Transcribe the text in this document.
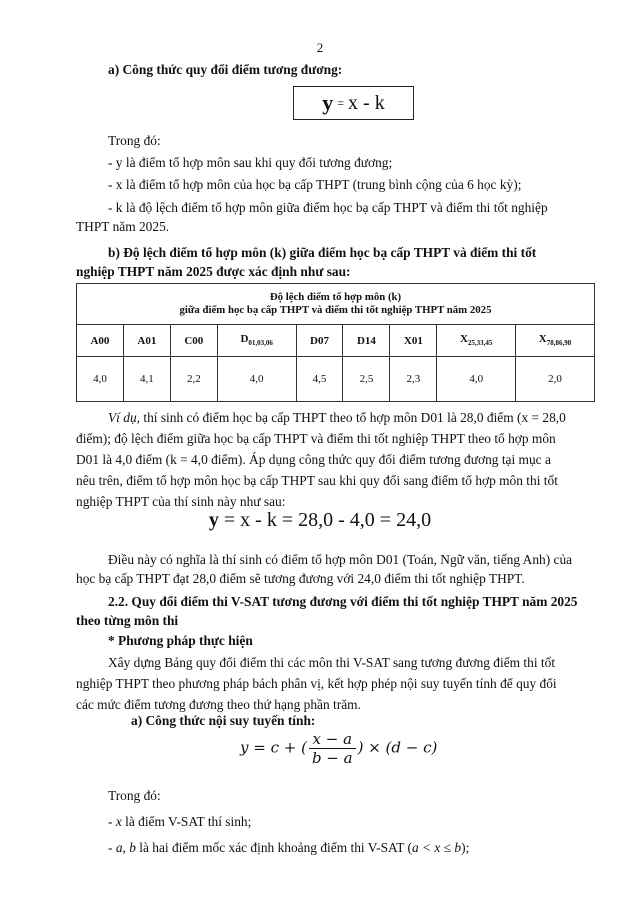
2
a) Công thức quy đổi điểm tương đương:
y = x - k
Trong đó:
- y là điểm tổ hợp môn sau khi quy đổi tương đương;
- x là điểm tổ hợp môn của học bạ cấp THPT (trung bình cộng của 6 học kỳ);
- k là độ lệch điểm tổ hợp môn giữa điểm học bạ cấp THPT và điểm thi tốt nghiệp
THPT năm 2025.
b) Độ lệch điểm tổ hợp môn (k) giữa điểm học bạ cấp THPT và điểm thi tốt
nghiệp THPT năm 2025 được xác định như sau:
Độ lệch điểm tổ hợp môn (k)
giữa điểm học bạ cấp THPT và điểm thi tốt nghiệp THPT năm 2025								

A00	A01	C00	$D_{01,03,06}$	D07	D14	X01	$X_{25,33,45}$	$X_{78,86,98}$
4,0	4,1	2,2	4,0	4,5	2,5	2,3	4,0	2,0
Ví dụ, thí sinh có điểm học bạ cấp THPT theo tổ hợp môn D01 là 28,0 điểm (x = 28,0
điểm); độ lệch điểm giữa học bạ cấp THPT và điểm thi tốt nghiệp THPT theo tổ hợp môn
D01 là 4,0 điểm (k = 4,0 điểm). Áp dụng công thức quy đổi điểm tương đương tại mục a
nêu trên, điểm tổ hợp môn học bạ cấp THPT sau khi quy đổi sang điểm tổ hợp môn thi tốt
nghiệp THPT của thí sinh này như sau:
y = x - k = 28,0 - 4,0 = 24,0
Điều này có nghĩa là thí sinh có điểm tổ hợp môn D01 (Toán, Ngữ văn, tiếng Anh) của
học bạ cấp THPT đạt 28,0 điểm sẽ tương đương với 24,0 điểm thi tốt nghiệp THPT.
2.2. Quy đổi điểm thi V-SAT tương đương với điểm thi tốt nghiệp THPT năm 2025
theo từng môn thi
* Phương pháp thực hiện
Xây dựng Bảng quy đổi điểm thi các môn thi V-SAT sang tương đương điểm thi tốt
nghiệp THPT theo phương pháp bách phân vị, kết hợp phép nội suy tuyến tính để quy đổi
các mức điểm tương đương theo thứ hạng phần trăm.
a) Công thức nội suy tuyến tính:
y = c + ( $\frac{x - a}{b - a}$ ) × (d − c)
Trong đó:
- x là điểm V-SAT thí sinh;
- a, b là hai điểm mốc xác định khoảng điểm thi V-SAT (a < x ≤ b);
